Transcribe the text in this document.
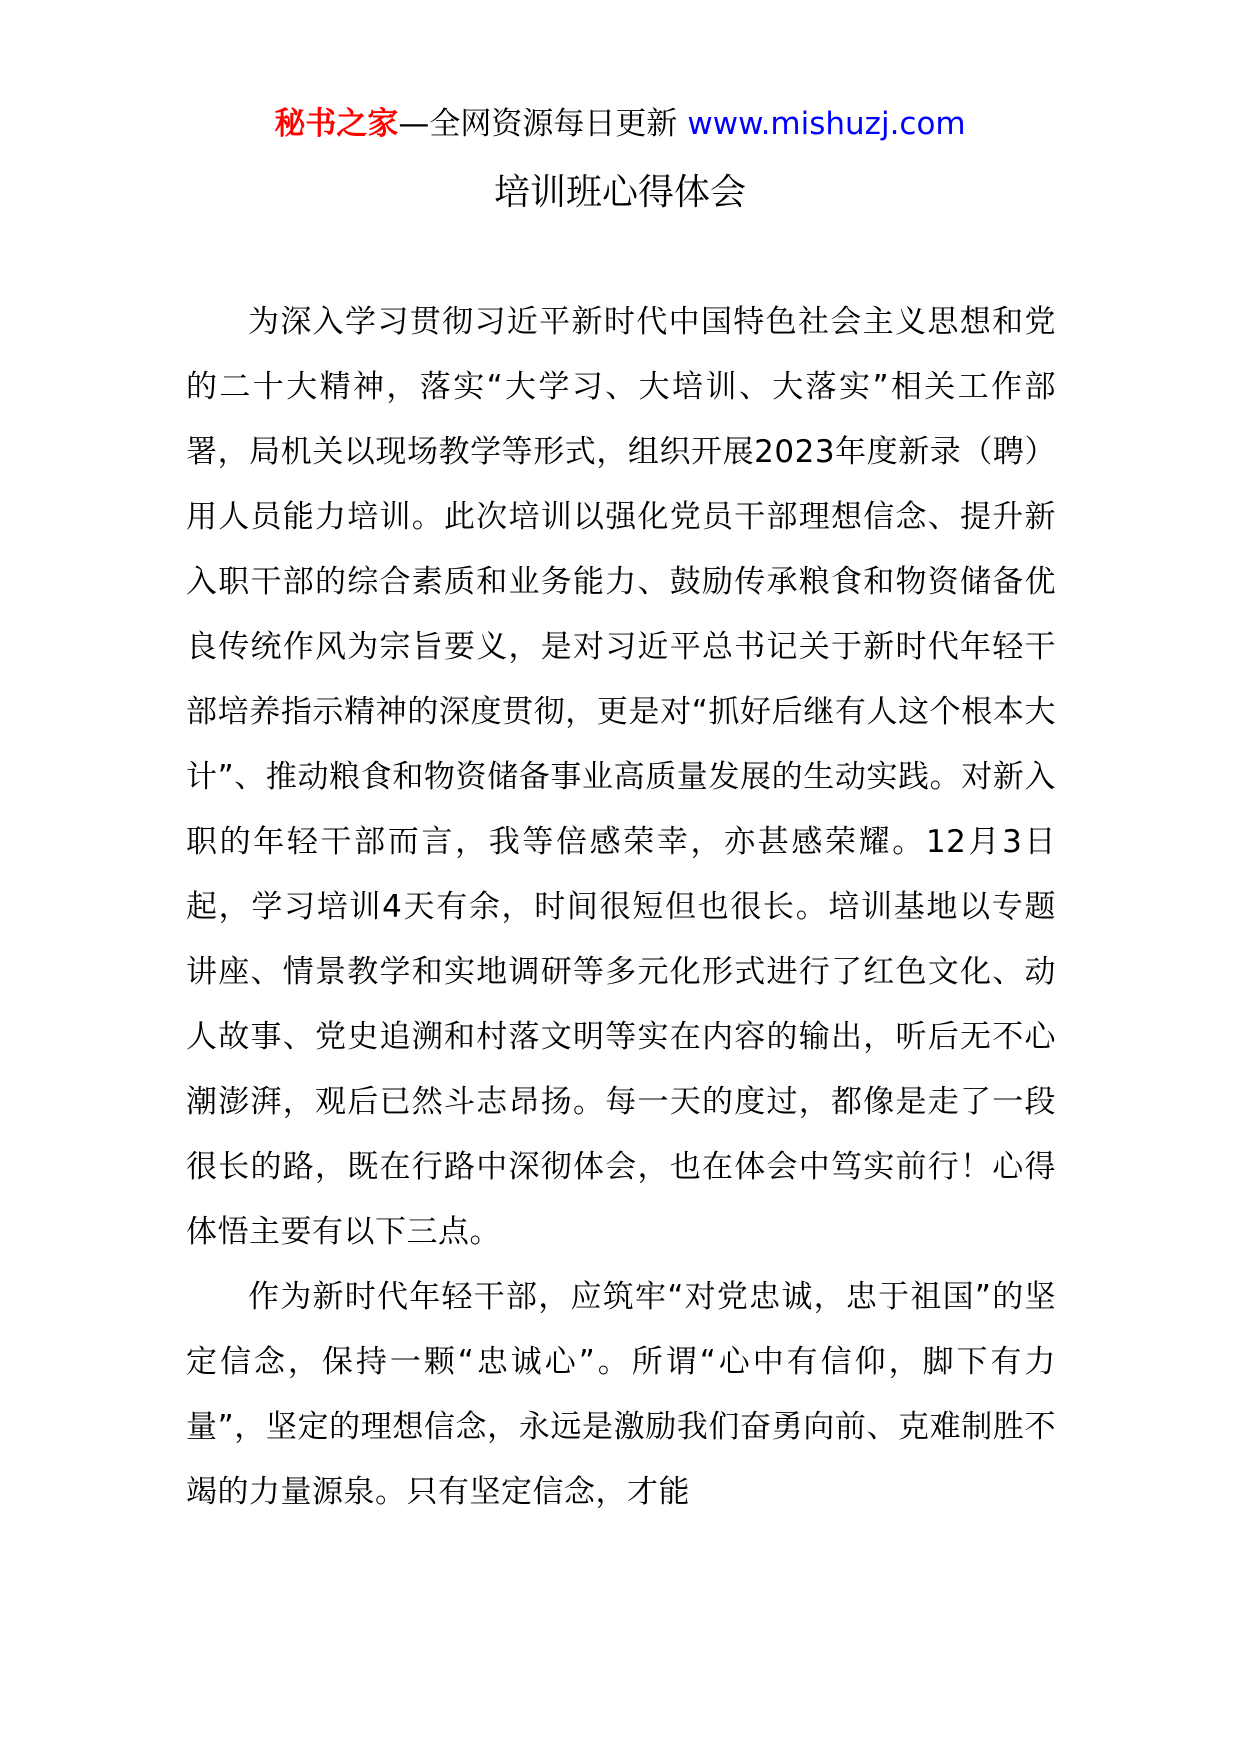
秘书之家—全网资源每日更新 www.mishuzj.com
培训班心得体会

为深入学习贯彻习近平新时代中国特色社会主义思想和党的二十大精神，落实“大学习、大培训、大落实”相关工作部署，局机关以现场教学等形式，组织开展2023年度新录（聘）用人员能力培训。此次培训以强化党员干部理想信念、提升新入职干部的综合素质和业务能力、鼓励传承粮食和物资储备优良传统作风为宗旨要义，是对习近平总书记关于新时代年轻干部培养指示精神的深度贯彻，更是对“抓好后继有人这个根本大计”、推动粮食和物资储备事业高质量发展的生动实践。对新入职的年轻干部而言，我等倍感荣幸，亦甚感荣耀。12月3日起，学习培训4天有余，时间很短但也很长。培训基地以专题讲座、情景教学和实地调研等多元化形式进行了红色文化、动人故事、党史追溯和村落文明等实在内容的输出，听后无不心潮澎湃，观后已然斗志昂扬。每一天的度过，都像是走了一段很长的路，既在行路中深彻体会，也在体会中笃实前行！心得体悟主要有以下三点。

作为新时代年轻干部，应筑牢“对党忠诚，忠于祖国”的坚定信念，保持一颗“忠诚心”。所谓“心中有信仰，脚下有力量”，坚定的理想信念，永远是激励我们奋勇向前、克难制胜不竭的力量源泉。只有坚定信念，才能
